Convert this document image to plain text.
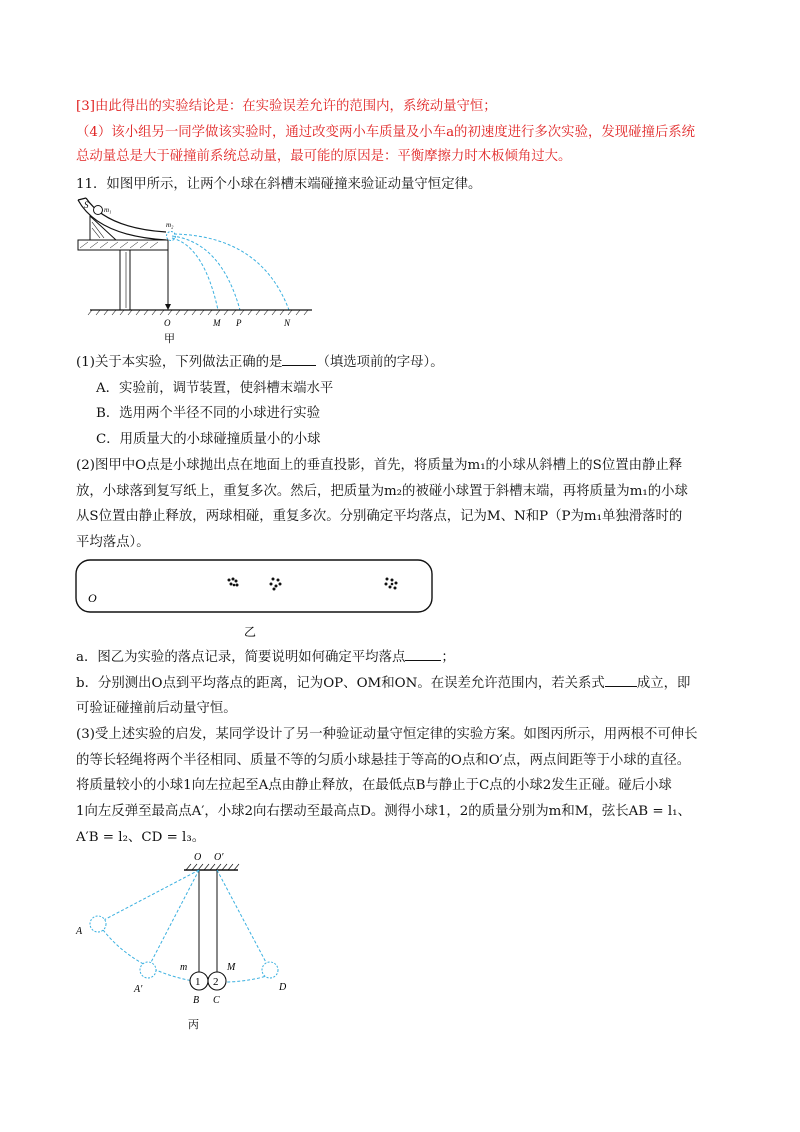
[3]由此得出的实验结论是：在实验误差允许的范围内，系统动量守恒；
（4）该小组另一同学做该实验时，通过改变两小车质量及小车a的初速度进行多次实验，发现碰撞后系统
总动量总是大于碰撞前系统总动量，最可能的原因是：平衡摩擦力时木板倾角过大。
11．如图甲所示，让两个小球在斜槽末端碰撞来验证动量守恒定律。
S m₁
m₂
O	M P	N
甲
(1)关于本实验，下列做法正确的是	（填选项前的字母）。
A．实验前，调节装置，使斜槽末端水平
B．选用两个半径不同的小球进行实验
C．用质量大的小球碰撞质量小的小球
(2)图甲中O点是小球抛出点在地面上的垂直投影，首先，将质量为m₁的小球从斜槽上的S位置由静止释
放，小球落到复写纸上，重复多次。然后，把质量为m₂的被碰小球置于斜槽末端，再将质量为m₁的小球
从S位置由静止释放，两球相碰，重复多次。分别确定平均落点，记为M、N和P（P为m₁单独滑落时的
平均落点）。
O
乙
a．图乙为实验的落点记录，简要说明如何确定平均落点	；
b．分别测出O点到平均落点的距离，记为OP、OM和ON。在误差允许范围内，若关系式 成立，即
可验证碰撞前后动量守恒。
(3)受上述实验的启发，某同学设计了另一种验证动量守恒定律的实验方案。如图丙所示，用两根不可伸长
的等长轻绳将两个半径相同、质量不等的匀质小球悬挂于等高的O点和O′点，两点间距等于小球的直径。
将质量较小的小球1向左拉起至A点由静止释放，在最低点B与静止于C点的小球2发生正碰。碰后小球
1向左反弹至最高点A′，小球2向右摆动至最高点D。测得小球1，2的质量分别为m和M，弦长AB = l₁、
A′B = l₂、CD = l₃。
O O′
1 2
m	M
A
A′
B C
D
丙
